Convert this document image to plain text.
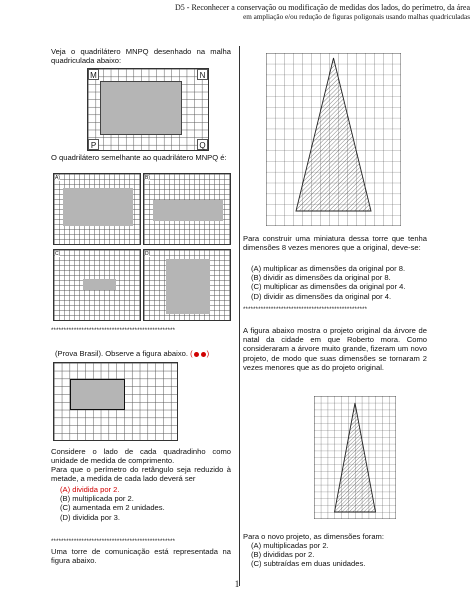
D5 - Reconhecer a conservação ou modificação de medidas dos lados, do perímetro, da área
em ampliação e/ou redução de figuras poligonais usando malhas quadriculadas
Veja o quadrilátero MNPQ desenhado na malha quadriculada abaixo:
M	N
P	Q
O quadrilátero semelhante ao quadrilátero MNPQ é:
A)	B)
C)	D)
*************************************************
(Prova Brasil). Observe a figura abaixo. ( )
Considere o lado de cada quadradinho como unidade de medida de comprimento.
Para que o perímetro do retângulo seja reduzido à metade, a medida de cada lado deverá ser
(A) dividida por 2.
(B) multiplicada por 2.
(C) aumentada em 2 unidades.
(D) dividida por 3.
*************************************************
Uma torre de comunicação está representada na figura abaixo.
Para construir uma miniatura dessa torre que tenha dimensões 8 vezes menores que a original, deve-se:
(A) multiplicar as dimensões da original por 8.
(B) dividir as dimensões da original por 8.
(C) multiplicar as dimensões da original por 4.
(D) dividir as dimensões da original por 4.
*************************************************
A figura abaixo mostra o projeto original da árvore de natal da cidade em que Roberto mora. Como consideraram a árvore muito grande, fizeram um novo projeto, de modo que suas dimensões se tornaram 2 vezes menores que as do projeto original.
Para o novo projeto, as dimensões foram:
(A) multiplicadas por 2.
(B) divididas por 2.
(C) subtraídas em duas unidades.
1
